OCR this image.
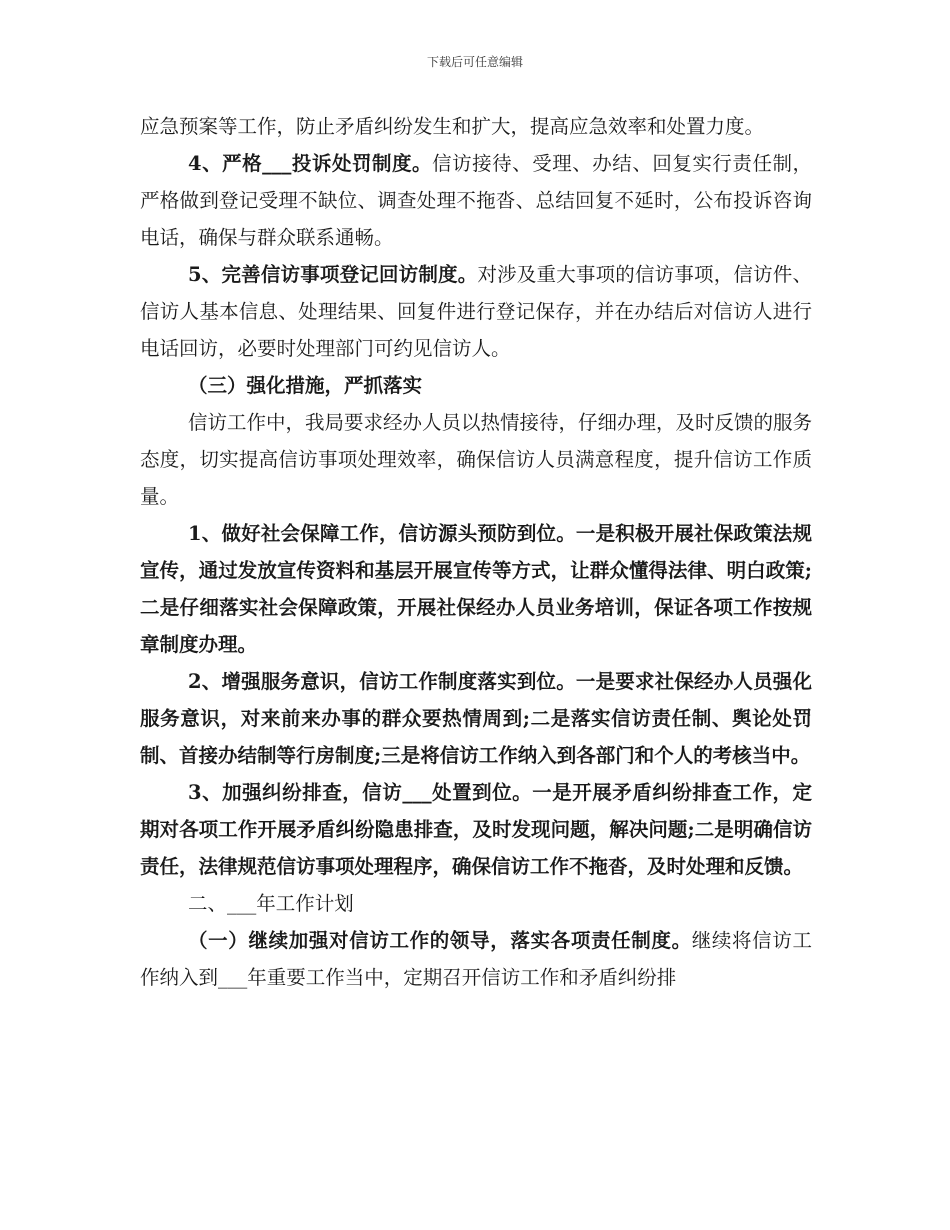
下载后可任意编辑

应急预案等工作，防止矛盾纠纷发生和扩大，提高应急效率和处置力度。

4、严格___投诉处罚制度。信访接待、受理、办结、回复实行责任制，严格做到登记受理不缺位、调查处理不拖沓、总结回复不延时，公布投诉咨询电话，确保与群众联系通畅。

5、完善信访事项登记回访制度。对涉及重大事项的信访事项，信访件、信访人基本信息、处理结果、回复件进行登记保存，并在办结后对信访人进行电话回访，必要时处理部门可约见信访人。

（三）强化措施，严抓落实

信访工作中，我局要求经办人员以热情接待，仔细办理，及时反馈的服务态度，切实提高信访事项处理效率，确保信访人员满意程度，提升信访工作质量。

1、做好社会保障工作，信访源头预防到位。一是积极开展社保政策法规宣传，通过发放宣传资料和基层开展宣传等方式，让群众懂得法律、明白政策;二是仔细落实社会保障政策，开展社保经办人员业务培训，保证各项工作按规章制度办理。

2、增强服务意识，信访工作制度落实到位。一是要求社保经办人员强化服务意识，对来前来办事的群众要热情周到;二是落实信访责任制、舆论处罚制、首接办结制等行房制度;三是将信访工作纳入到各部门和个人的考核当中。

3、加强纠纷排查，信访___处置到位。一是开展矛盾纠纷排查工作，定期对各项工作开展矛盾纠纷隐患排查，及时发现问题，解决问题;二是明确信访责任，法律规范信访事项处理程序，确保信访工作不拖沓，及时处理和反馈。

二、___年工作计划

（一）继续加强对信访工作的领导，落实各项责任制度。继续将信访工作纳入到___年重要工作当中，定期召开信访工作和矛盾纠纷排
